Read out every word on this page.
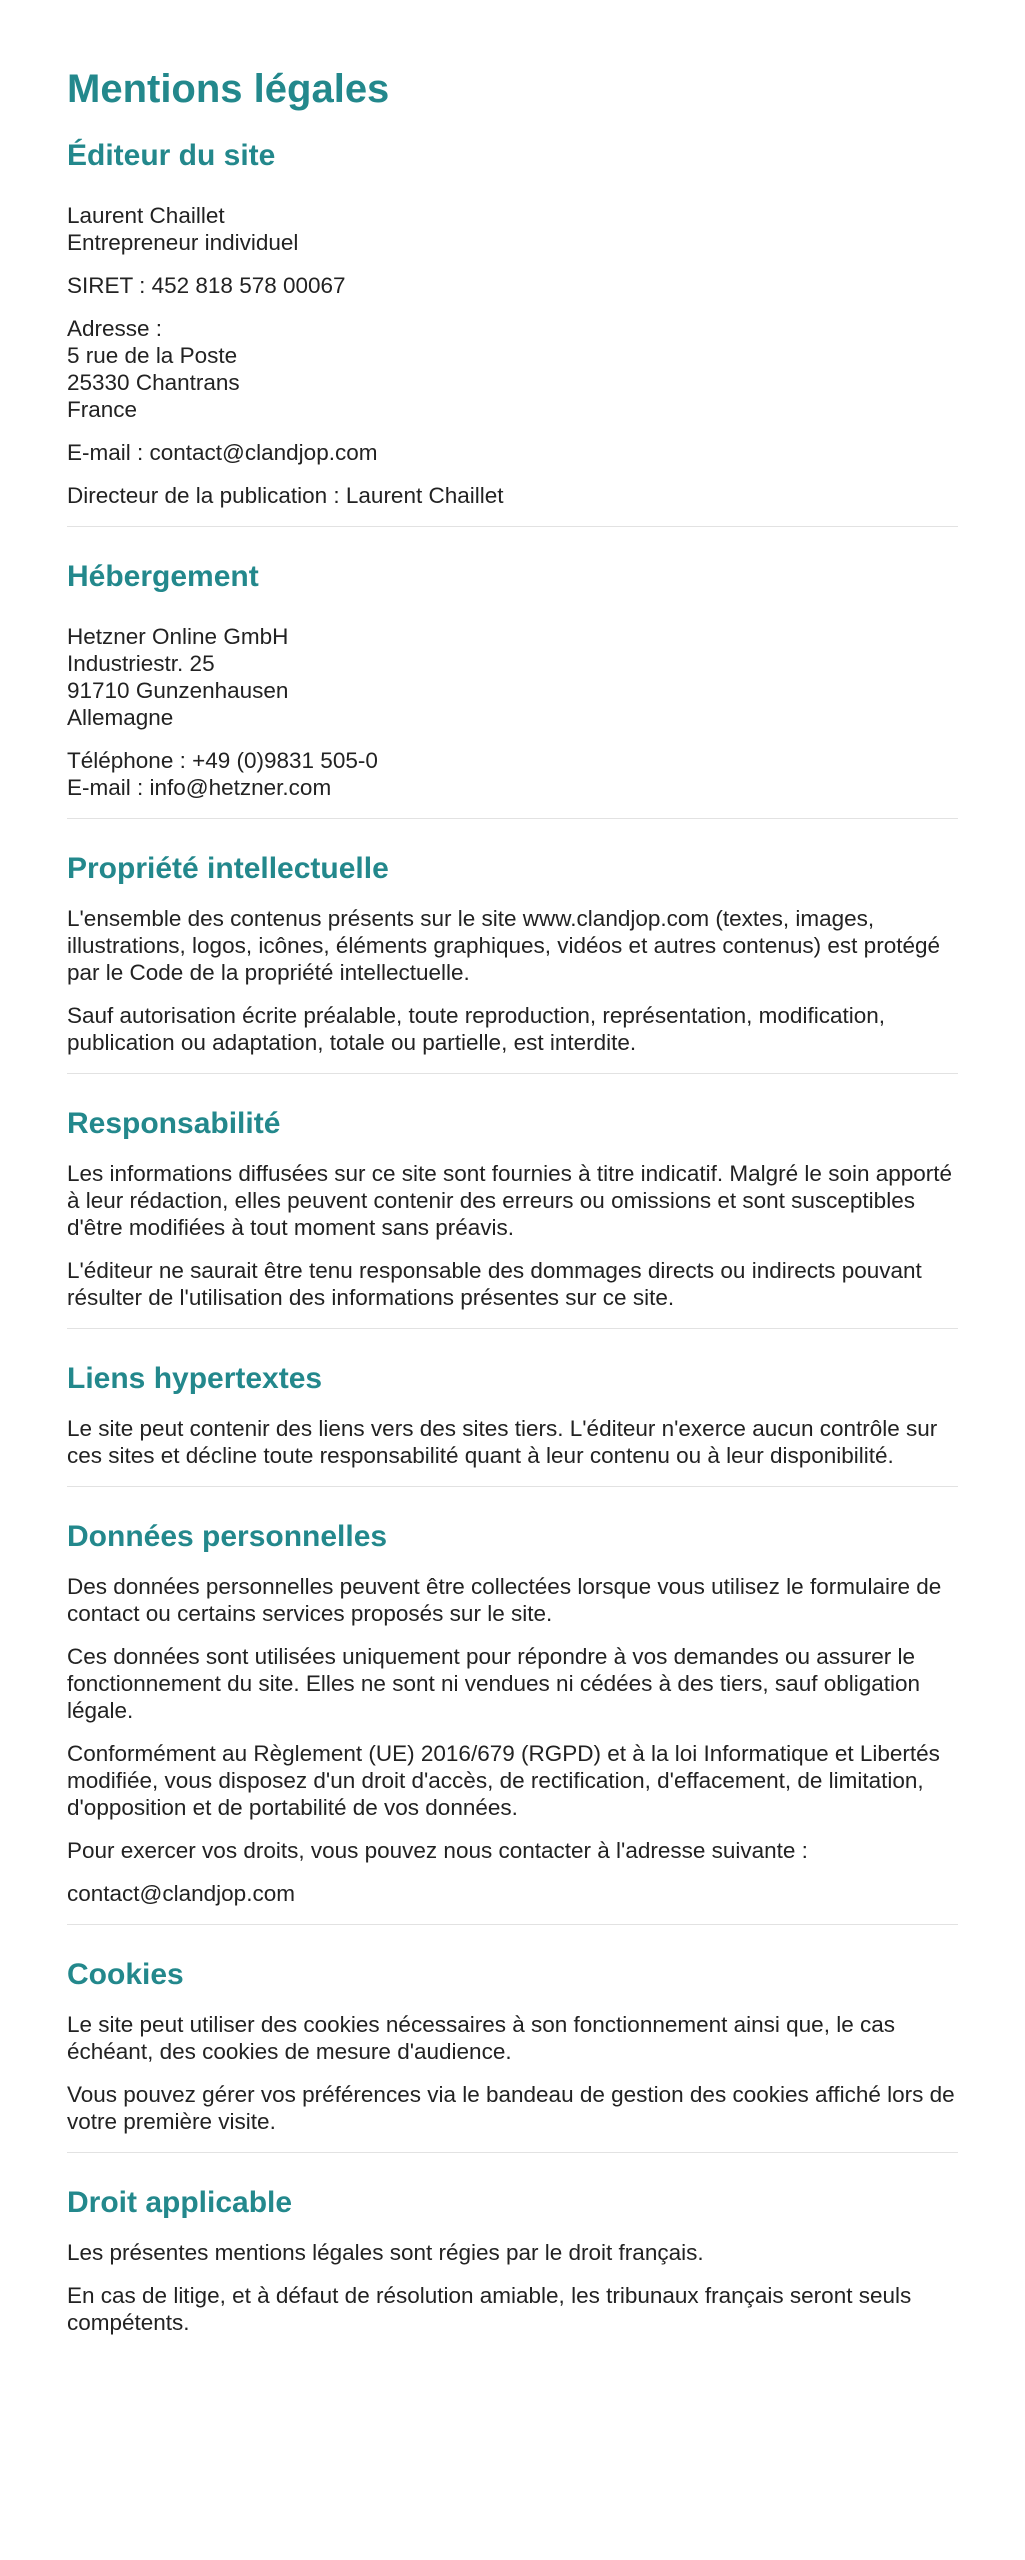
Mentions légales
Éditeur du site

Laurent Chaillet
Entrepreneur individuel

SIRET : 452 818 578 00067

Adresse :
5 rue de la Poste
25330 Chantrans
France

E-mail : contact@clandjop.com

Directeur de la publication : Laurent Chaillet

Hébergement

Hetzner Online GmbH
Industriestr. 25
91710 Gunzenhausen
Allemagne

Téléphone : +49 (0)9831 505-0
E-mail : info@hetzner.com

Propriété intellectuelle

L'ensemble des contenus présents sur le site www.clandjop.com (textes, images, illustrations, logos, icônes, éléments graphiques, vidéos et autres contenus) est protégé par le Code de la propriété intellectuelle.

Sauf autorisation écrite préalable, toute reproduction, représentation, modification, publication ou adaptation, totale ou partielle, est interdite.

Responsabilité

Les informations diffusées sur ce site sont fournies à titre indicatif. Malgré le soin apporté à leur rédaction, elles peuvent contenir des erreurs ou omissions et sont susceptibles d'être modifiées à tout moment sans préavis.

L'éditeur ne saurait être tenu responsable des dommages directs ou indirects pouvant résulter de l'utilisation des informations présentes sur ce site.

Liens hypertextes

Le site peut contenir des liens vers des sites tiers. L'éditeur n'exerce aucun contrôle sur ces sites et décline toute responsabilité quant à leur contenu ou à leur disponibilité.

Données personnelles

Des données personnelles peuvent être collectées lorsque vous utilisez le formulaire de contact ou certains services proposés sur le site.

Ces données sont utilisées uniquement pour répondre à vos demandes ou assurer le fonctionnement du site. Elles ne sont ni vendues ni cédées à des tiers, sauf obligation légale.

Conformément au Règlement (UE) 2016/679 (RGPD) et à la loi Informatique et Libertés modifiée, vous disposez d'un droit d'accès, de rectification, d'effacement, de limitation, d'opposition et de portabilité de vos données.

Pour exercer vos droits, vous pouvez nous contacter à l'adresse suivante :

contact@clandjop.com

Cookies

Le site peut utiliser des cookies nécessaires à son fonctionnement ainsi que, le cas échéant, des cookies de mesure d'audience.

Vous pouvez gérer vos préférences via le bandeau de gestion des cookies affiché lors de votre première visite.

Droit applicable

Les présentes mentions légales sont régies par le droit français.

En cas de litige, et à défaut de résolution amiable, les tribunaux français seront seuls compétents.
